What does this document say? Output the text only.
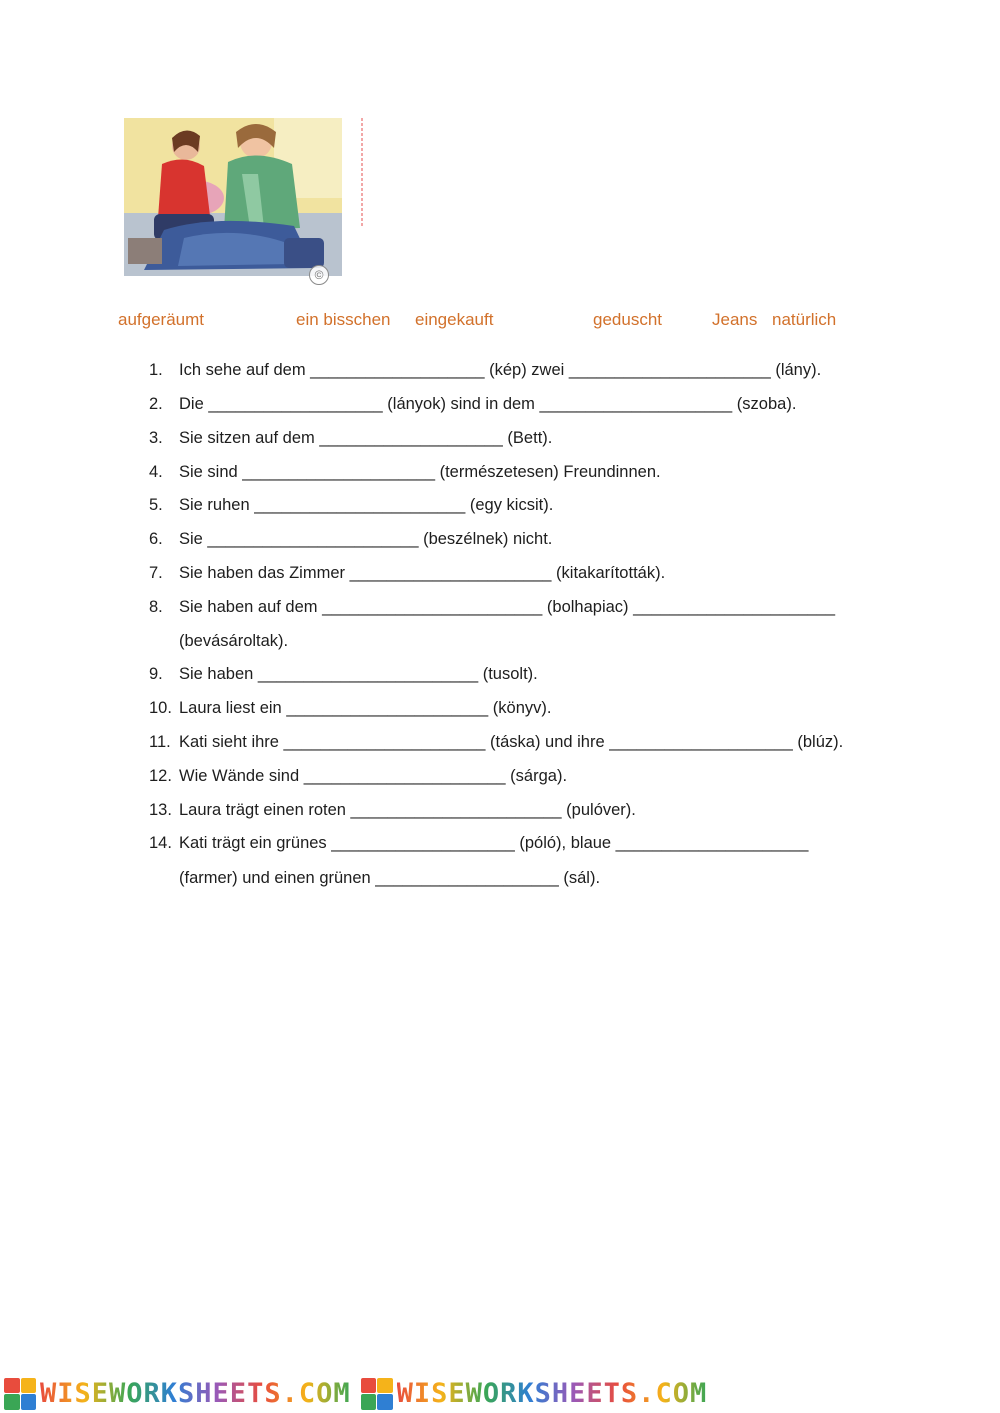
©
aufgeräumt	ein bisschen eingekauft	geduscht	Jeans natürlich
1. Ich sehe auf dem ___________________ (kép) zwei ______________________ (lány).
2. Die ___________________ (lányok) sind in dem _____________________ (szoba).
3. Sie sitzen auf dem ____________________ (Bett).
4. Sie sind _____________________ (természetesen) Freundinnen.
5. Sie ruhen _______________________ (egy kicsit).
6. Sie _______________________ (beszélnek) nicht.
7. Sie haben das Zimmer ______________________ (kitakarították).
8. Sie haben auf dem ________________________ (bolhapiac) ______________________
(bevásároltak).
9. Sie haben ________________________ (tusolt).
10. Laura liest ein ______________________ (könyv).
11. Kati sieht ihre ______________________ (táska) und ihre ____________________ (blúz).
12. Wie Wände sind ______________________ (sárga).
13. Laura trägt einen roten _______________________ (pulóver).
14. Kati trägt ein grünes ____________________ (póló), blaue _____________________
(farmer) und einen grünen ____________________ (sál).
WISEWORKSHEETS.COM WISEWORKSHEETS.COM
